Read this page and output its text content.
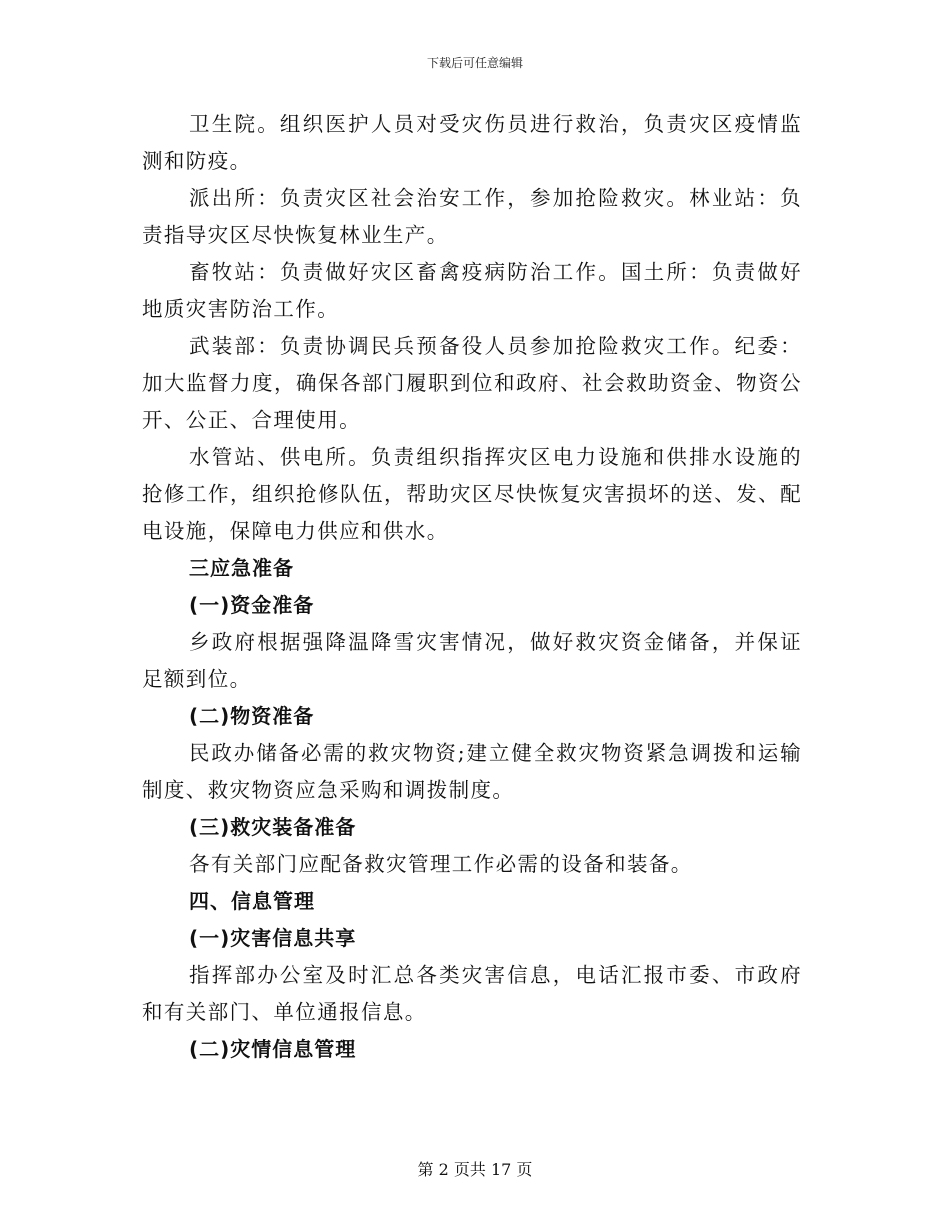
下载后可任意编辑

卫生院。组织医护人员对受灾伤员进行救治，负责灾区疫情监测和防疫。

派出所：负责灾区社会治安工作，参加抢险救灾。林业站：负责指导灾区尽快恢复林业生产。

畜牧站：负责做好灾区畜禽疫病防治工作。国土所：负责做好地质灾害防治工作。

武装部：负责协调民兵预备役人员参加抢险救灾工作。纪委：加大监督力度，确保各部门履职到位和政府、社会救助资金、物资公开、公正、合理使用。

水管站、供电所。负责组织指挥灾区电力设施和供排水设施的抢修工作，组织抢修队伍，帮助灾区尽快恢复灾害损坏的送、发、配电设施，保障电力供应和供水。

三应急准备

(一)资金准备

乡政府根据强降温降雪灾害情况，做好救灾资金储备，并保证足额到位。

(二)物资准备

民政办储备必需的救灾物资;建立健全救灾物资紧急调拨和运输制度、救灾物资应急采购和调拨制度。

(三)救灾装备准备

各有关部门应配备救灾管理工作必需的设备和装备。

四、信息管理

(一)灾害信息共享

指挥部办公室及时汇总各类灾害信息，电话汇报市委、市政府和有关部门、单位通报信息。

(二)灾情信息管理

第 2 页共 17 页
